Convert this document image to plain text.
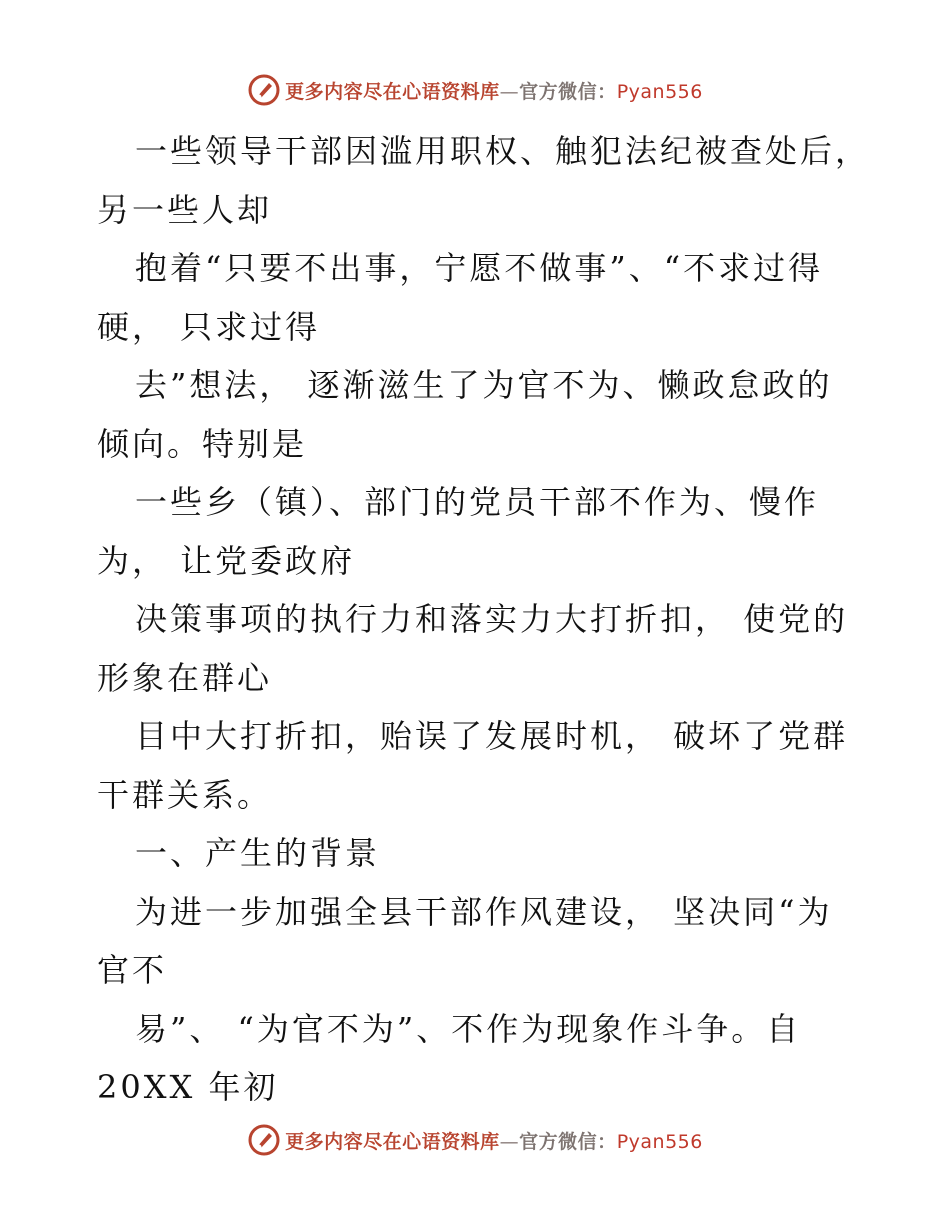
更多内容尽在心语资料库—官方微信：Pyan556
一些领导干部因滥用职权、触犯法纪被查处后，
另一些人却
抱着“只要不出事，宁愿不做事”、“不求过得
硬， 只求过得
去”想法， 逐渐滋生了为官不为、懒政怠政的
倾向。特别是
一些乡（镇）、部门的党员干部不作为、慢作
为， 让党委政府
决策事项的执行力和落实力大打折扣， 使党的
形象在群心
目中大打折扣，贻误了发展时机， 破坏了党群
干群关系。
一、产生的背景
为进一步加强全县干部作风建设， 坚决同“为
官不
易”、 “为官不为”、不作为现象作斗争。自
20XX 年初
更多内容尽在心语资料库—官方微信：Pyan556
